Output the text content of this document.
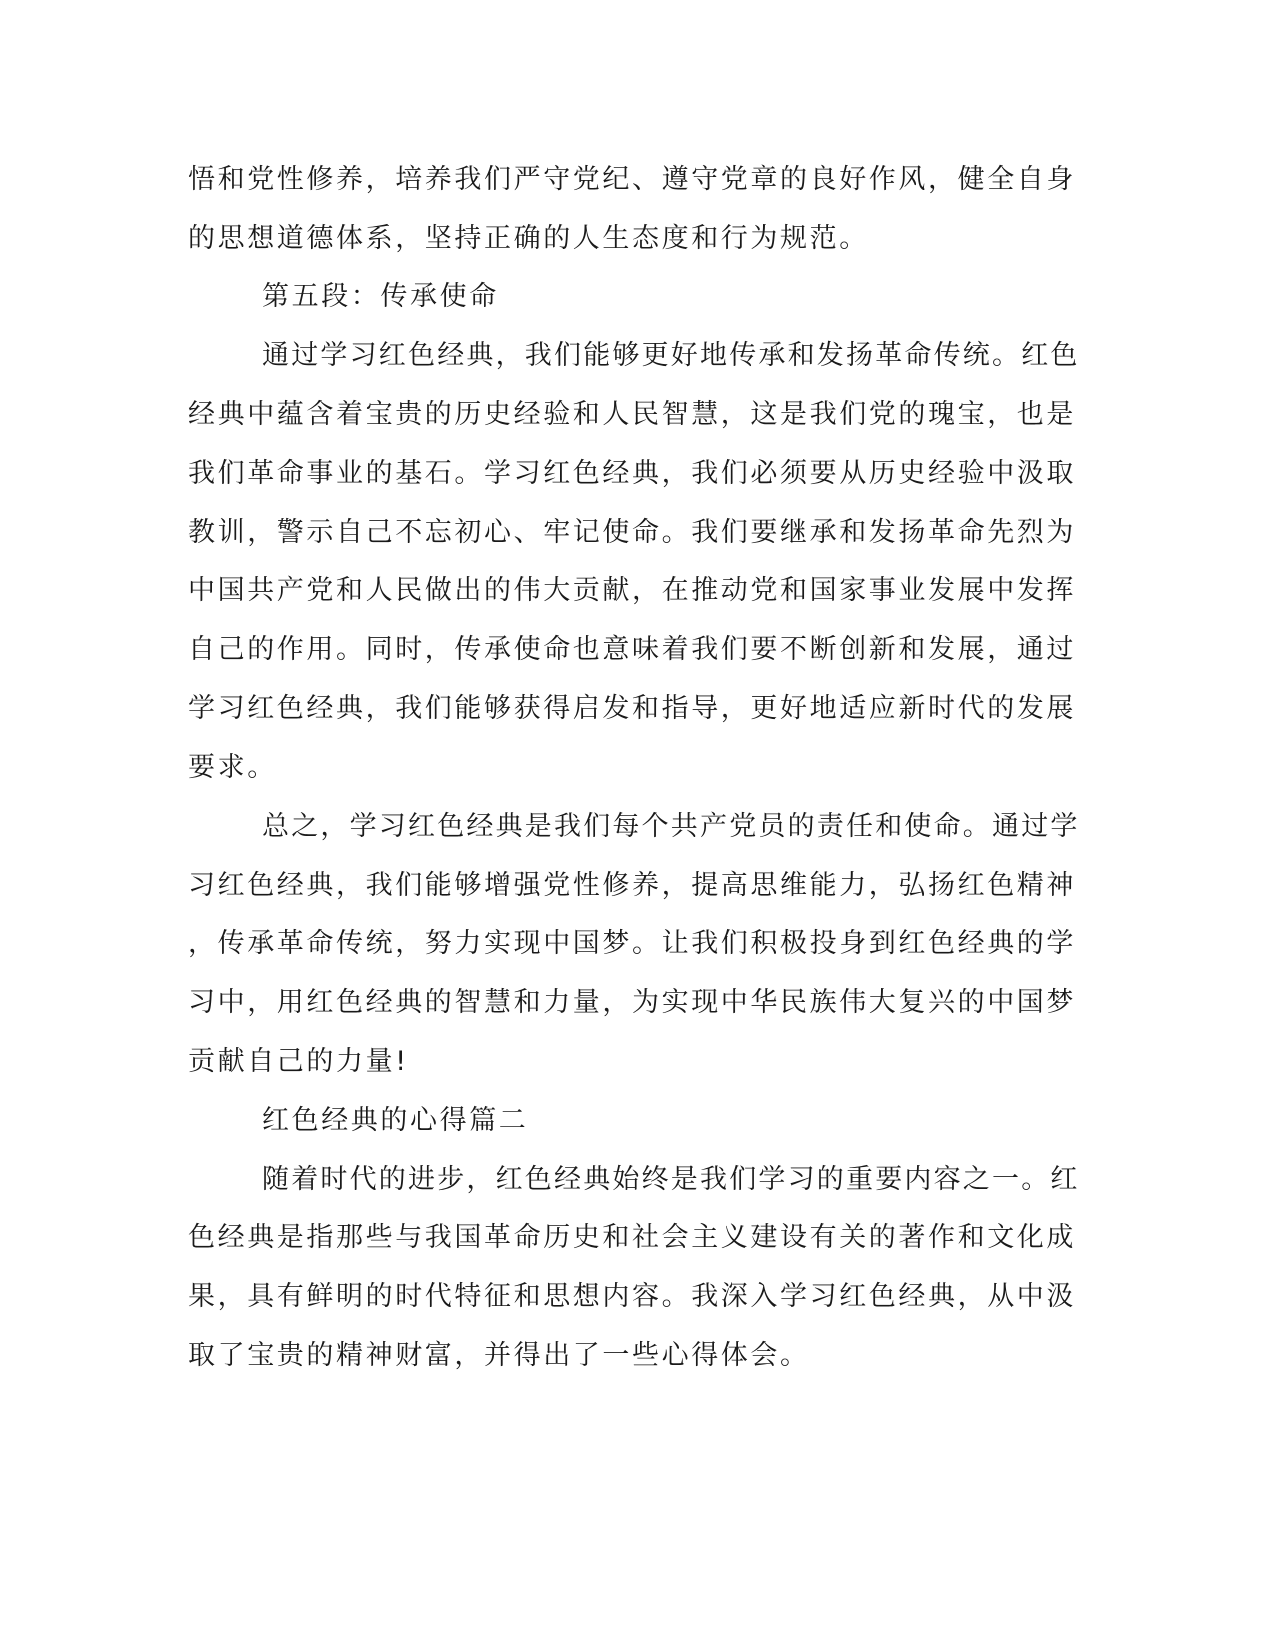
悟和党性修养，培养我们严守党纪、遵守党章的良好作风，健全自身
的思想道德体系，坚持正确的人生态度和行为规范。
第五段：传承使命
通过学习红色经典，我们能够更好地传承和发扬革命传统。红色
经典中蕴含着宝贵的历史经验和人民智慧，这是我们党的瑰宝，也是
我们革命事业的基石。学习红色经典，我们必须要从历史经验中汲取
教训，警示自己不忘初心、牢记使命。我们要继承和发扬革命先烈为
中国共产党和人民做出的伟大贡献，在推动党和国家事业发展中发挥
自己的作用。同时，传承使命也意味着我们要不断创新和发展，通过
学习红色经典，我们能够获得启发和指导，更好地适应新时代的发展
要求。
总之，学习红色经典是我们每个共产党员的责任和使命。通过学
习红色经典，我们能够增强党性修养，提高思维能力，弘扬红色精神
，传承革命传统，努力实现中国梦。让我们积极投身到红色经典的学
习中，用红色经典的智慧和力量，为实现中华民族伟大复兴的中国梦
贡献自己的力量!
红色经典的心得篇二
随着时代的进步，红色经典始终是我们学习的重要内容之一。红
色经典是指那些与我国革命历史和社会主义建设有关的著作和文化成
果，具有鲜明的时代特征和思想内容。我深入学习红色经典，从中汲
取了宝贵的精神财富，并得出了一些心得体会。
